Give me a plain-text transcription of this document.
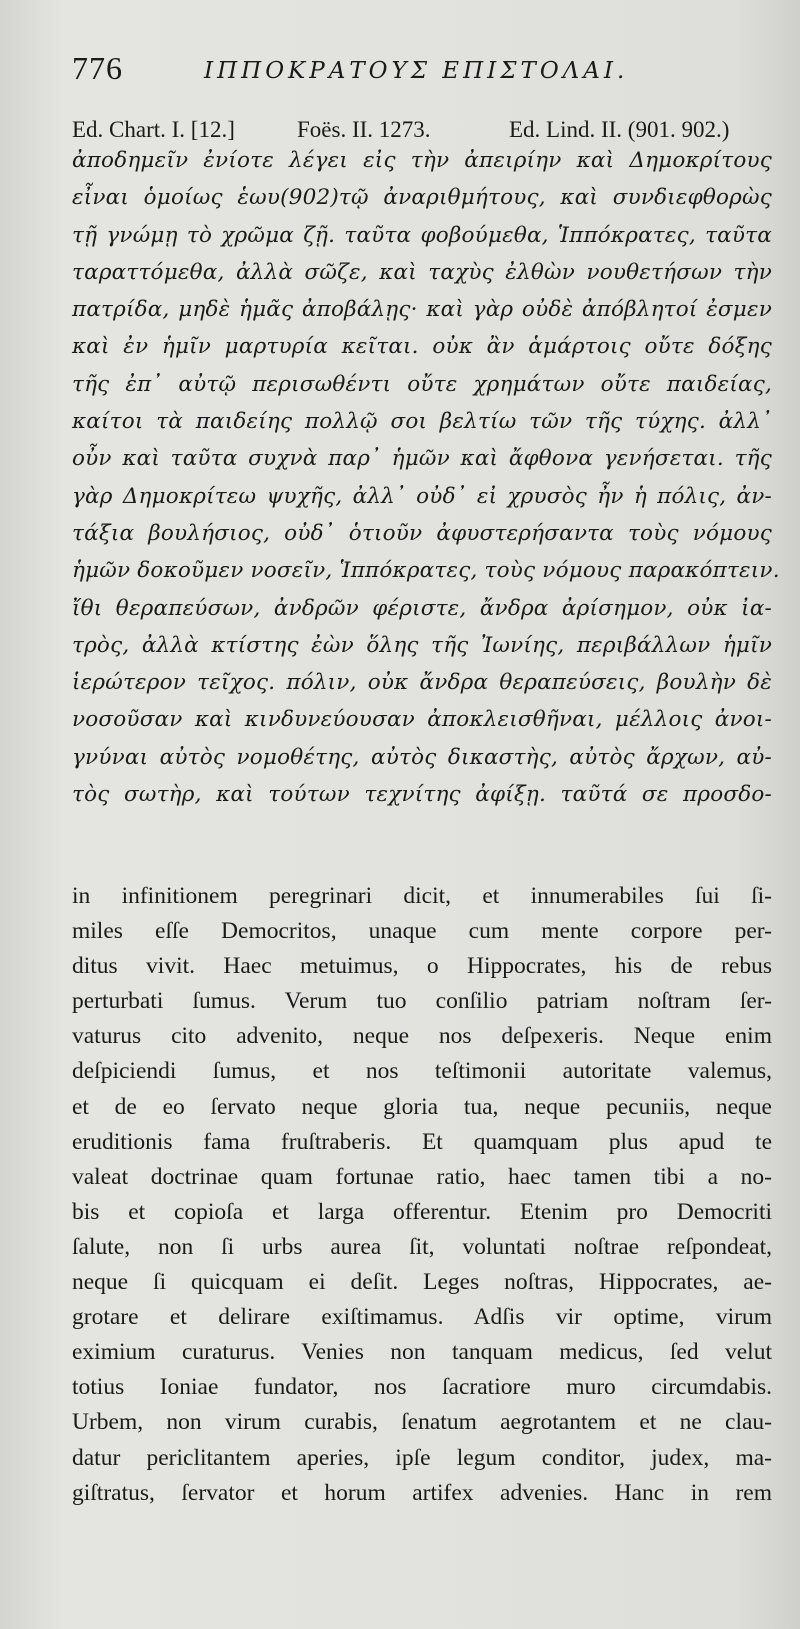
776	ΙΠΠΟΚΡΑΤΟΥΣ ΕΠΙΣΤΟΛΑΙ.
Ed. Chart. I. [12.]	Foës. II. 1273.	Ed. Lind. II. (901. 902.)
ἀποδημεῖν ἐνίοτε λέγει εἰς τὴν ἀπειρίην καὶ Δημοκρίτους
εἶναι ὁμοίως ἑωυ(902)τῷ ἀναριθμήτους, καὶ συνδιεφθορὼς
τῇ γνώμῃ τὸ χρῶμα ζῇ. ταῦτα φοβούμεθα, Ἱππόκρατες, ταῦτα
ταραττόμεθα, ἀλλὰ σῶζε, καὶ ταχὺς ἐλθὼν νουθετήσων τὴν
πατρίδα, μηδὲ ἡμᾶς ἀποβάλῃς· καὶ γὰρ οὐδὲ ἀπόβλητοί ἐσμεν
καὶ ἐν ἡμῖν μαρτυρία κεῖται. οὐκ ἂν ἁμάρτοις οὔτε δόξης
τῆς ἐπ᾽ αὐτῷ περισωθέντι οὔτε χρημάτων οὔτε παιδείας,
καίτοι τὰ παιδείης πολλῷ σοι βελτίω τῶν τῆς τύχης. ἀλλ᾽
οὖν καὶ ταῦτα συχνὰ παρ᾽ ἡμῶν καὶ ἄφθονα γενήσεται. τῆς
γὰρ Δημοκρίτεω ψυχῆς, ἀλλ᾽ οὐδ᾽ εἰ χρυσὸς ἦν ἡ πόλις, ἀν-
τάξια βουλήσιος, οὐδ᾽ ὁτιοῦν ἀφυστερήσαντα τοὺς νόμους
ἡμῶν δοκοῦμεν νοσεῖν, Ἱππόκρατες, τοὺς νόμους παρακόπτειν.
ἴθι θεραπεύσων, ἀνδρῶν φέριστε, ἄνδρα ἀρίσημον, οὐκ ἰα-
τρὸς, ἀλλὰ κτίστης ἐὼν ὅλης τῆς Ἰωνίης, περιβάλλων ἡμῖν
ἱερώτερον τεῖχος. πόλιν, οὐκ ἄνδρα θεραπεύσεις, βουλὴν δὲ
νοσοῦσαν καὶ κινδυνεύουσαν ἀποκλεισθῆναι, μέλλοις ἀνοι-
γνύναι αὐτὸς νομοθέτης, αὐτὸς δικαστὴς, αὐτὸς ἄρχων, αὐ-
τὸς σωτὴρ, καὶ τούτων τεχνίτης ἀφίξῃ. ταῦτά σε προσδο-
in infinitionem peregrinari dicit, et innumerabiles ſui ſi-
miles eſſe Democritos, unaque cum mente corpore per-
ditus vivit. Haec metuimus, o Hippocrates, his de rebus
perturbati ſumus. Verum tuo conſilio patriam noſtram ſer-
vaturus cito advenito, neque nos deſpexeris. Neque enim
deſpiciendi ſumus, et nos teſtimonii autoritate valemus,
et de eo ſervato neque gloria tua, neque pecuniis, neque
eruditionis fama fruſtraberis. Et quamquam plus apud te
valeat doctrinae quam fortunae ratio, haec tamen tibi a no-
bis et copioſa et larga offerentur. Etenim pro Democriti
ſalute, non ſi urbs aurea ſit, voluntati noſtrae reſpondeat,
neque ſi quicquam ei deſit. Leges noſtras, Hippocrates, ae-
grotare et delirare exiſtimamus. Adſis vir optime, virum
eximium curaturus. Venies non tanquam medicus, ſed velut
totius Ioniae fundator, nos ſacratiore muro circumdabis.
Urbem, non virum curabis, ſenatum aegrotantem et ne clau-
datur periclitantem aperies, ipſe legum conditor, judex, ma-
giſtratus, ſervator et horum artifex advenies. Hanc in rem
